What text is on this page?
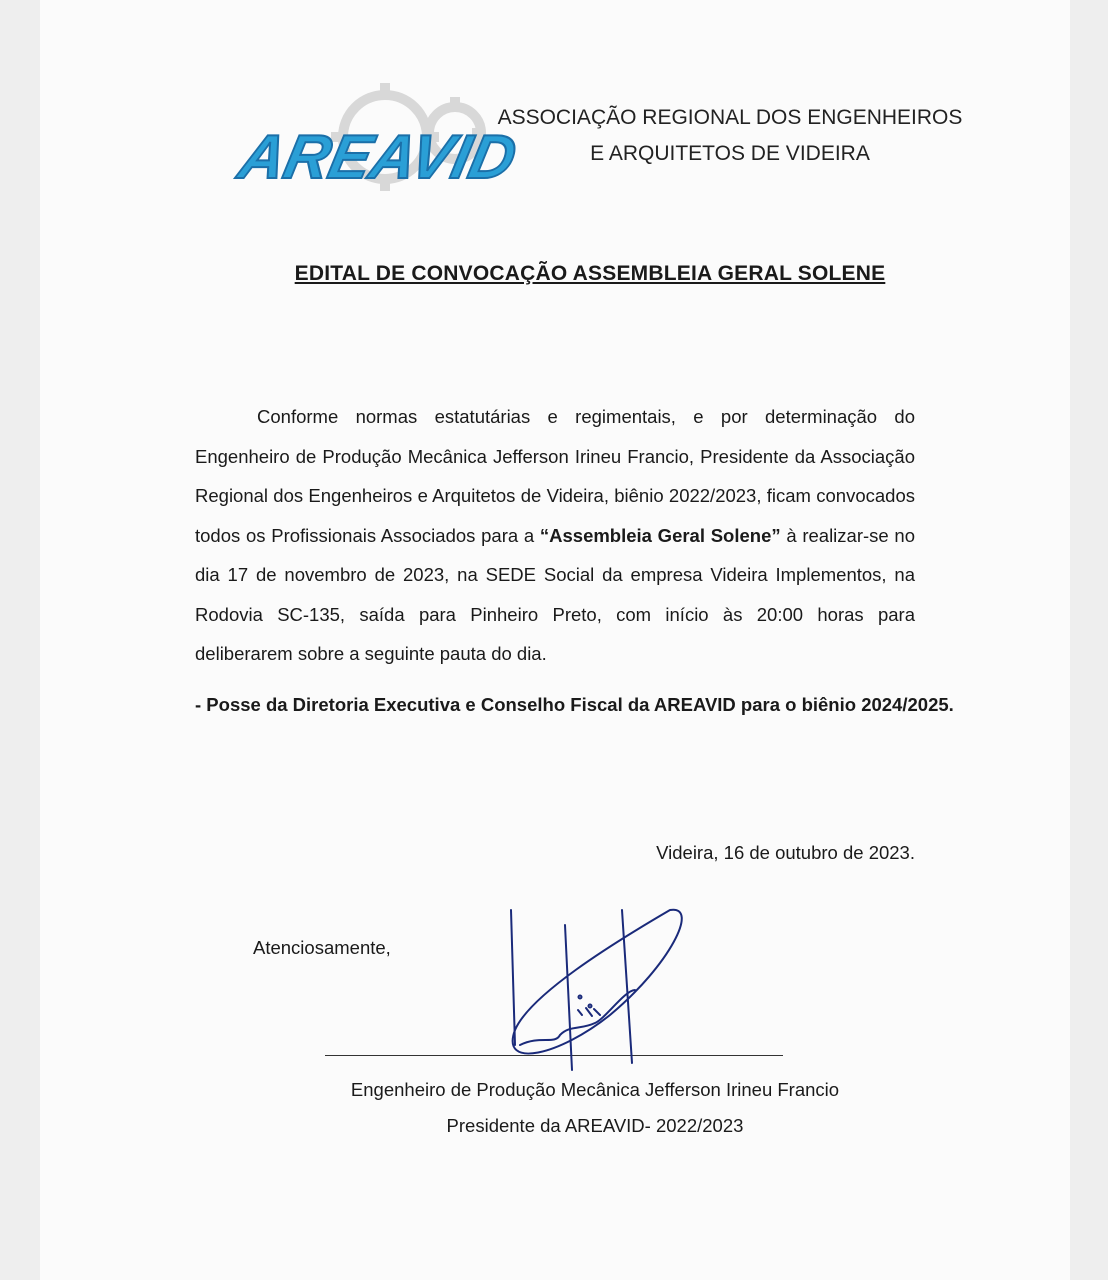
AREAVID
ASSOCIAÇÃO REGIONAL DOS ENGENHEIROS
E ARQUITETOS DE VIDEIRA
EDITAL DE CONVOCAÇÃO ASSEMBLEIA GERAL SOLENE

Conforme normas estatutárias e regimentais, e por determinação do Engenheiro de Produção Mecânica Jefferson Irineu Francio, Presidente da Associação Regional dos Engenheiros e Arquitetos de Videira, biênio 2022/2023, ficam convocados todos os Profissionais Associados para a “Assembleia Geral Solene” à realizar-se no dia 17 de novembro de 2023, na SEDE Social da empresa Videira Implementos, na Rodovia SC-135, saída para Pinheiro Preto, com início às 20:00 horas para deliberarem sobre a seguinte pauta do dia.

- Posse da Diretoria Executiva e Conselho Fiscal da AREAVID para o biênio 2024/2025.
Videira, 16 de outubro de 2023.
Atenciosamente,
Engenheiro de Produção Mecânica Jefferson Irineu Francio
Presidente da AREAVID- 2022/2023
